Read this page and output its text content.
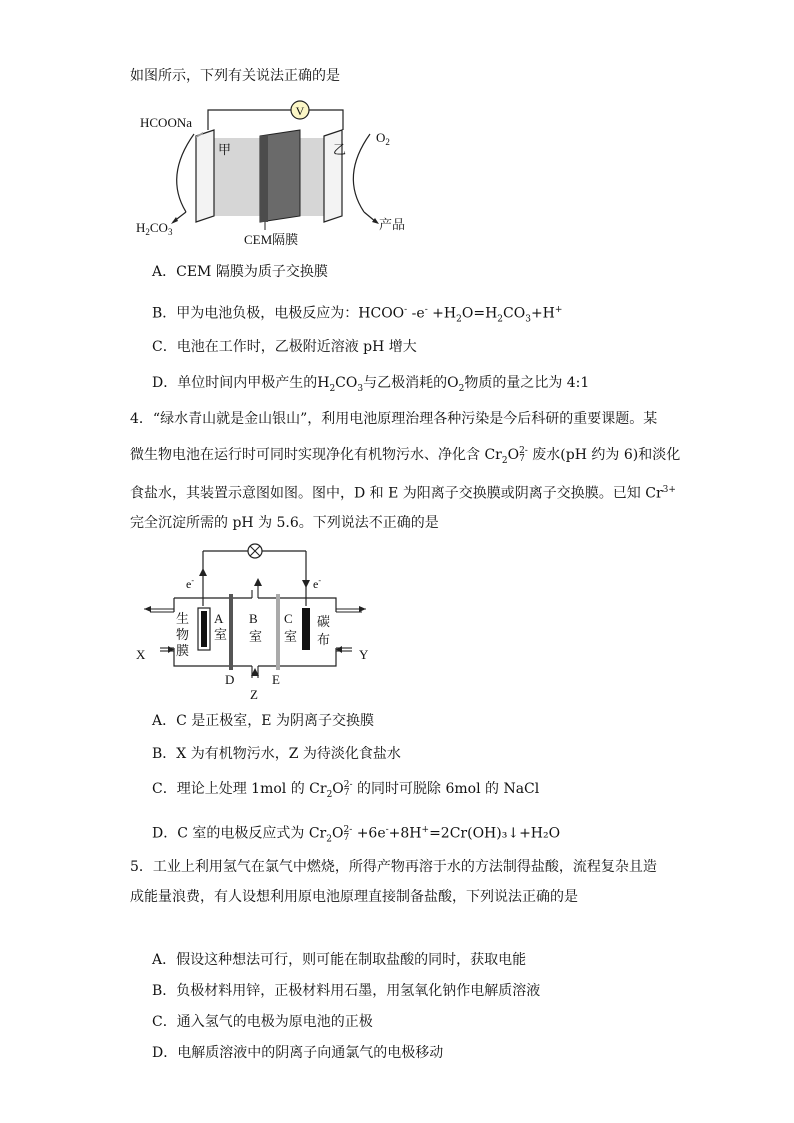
如图所示，下列有关说法正确的是
V
HCOONa
甲	乙
$O_2$
$H_2CO_3$	产品
CEM隔膜
A．CEM 隔膜为质子交换膜
B．甲为电池负极，电极反应为：HCOO- $-e^- +H_2O=H_2CO_3+H^+$
C．电池在工作时，乙极附近溶液 pH 增大
D．单位时间内甲极产生的$H_2CO_3$与乙极消耗的$O_2$物质的量之比为 4:1
4．“绿水青山就是金山银山”，利用电池原理治理各种污染是今后科研的重要课题。某
微生物电池在运行时可同时实现净化有机物污水、净化含 $Cr_2O$ 2-
7 废水(pH 约为 6)和淡化
食盐水，其装置示意图如图。图中，D 和 E 为阳离子交换膜或阴离子交换膜。已知 $Cr^{3+}$
完全沉淀所需的 pH 为 5.6。下列说法不正确的是
e-	e-
生
物
膜
A
室
B
室
C
室
碳
布
X	Y
D	E
Z
A．C 是正极室，E 为阴离子交换膜
B．X 为有机物污水，Z 为待淡化食盐水
C．理论上处理 1mol 的 $Cr_2O$ 2-
7 的同时可脱除 6mol 的 NaCl
D．C 室的电极反应式为 $Cr_2O$ 2-
7 +6e-+8H+=2Cr(OH)₃↓+H₂O
5．工业上利用氢气在氯气中燃烧，所得产物再溶于水的方法制得盐酸，流程复杂且造
成能量浪费，有人设想利用原电池原理直接制备盐酸，下列说法正确的是
A．假设这种想法可行，则可能在制取盐酸的同时，获取电能
B．负极材料用锌，正极材料用石墨，用氢氧化钠作电解质溶液
C．通入氢气的电极为原电池的正极
D．电解质溶液中的阴离子向通氯气的电极移动
